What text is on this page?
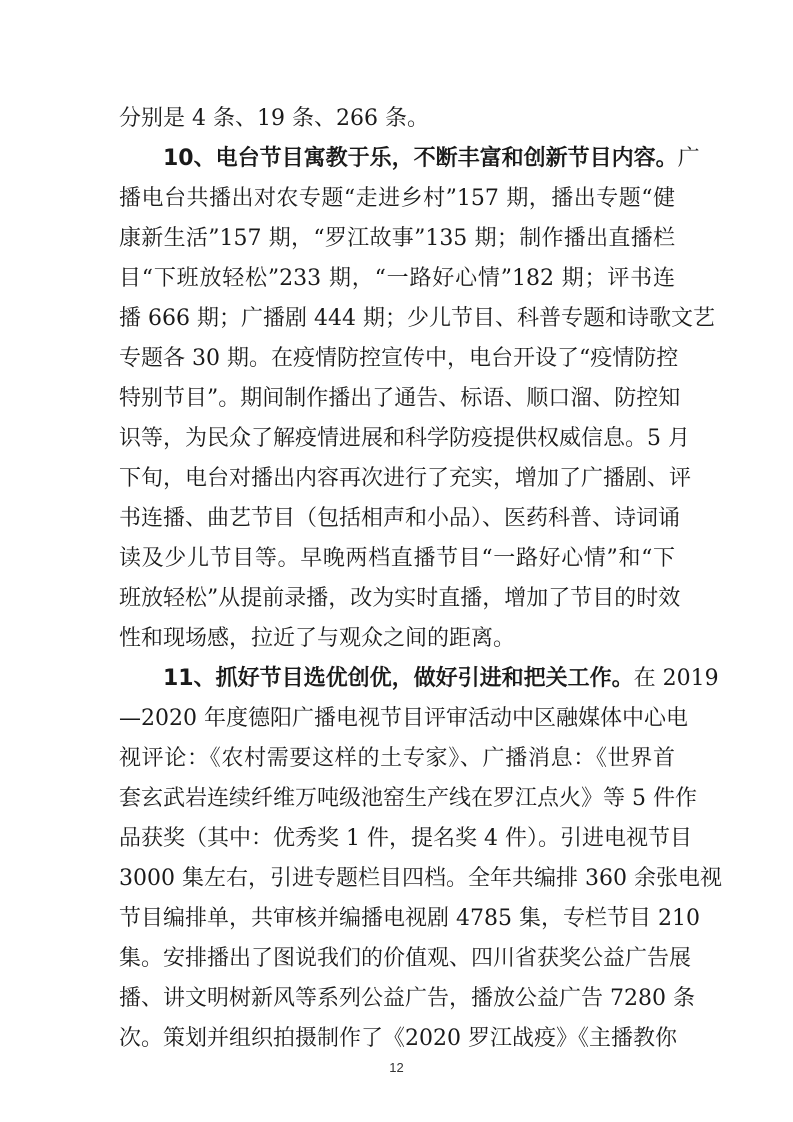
分别是 4 条、19 条、266 条。
10、电台节目寓教于乐，不断丰富和创新节目内容。广
播电台共播出对农专题“走进乡村”157 期，播出专题“健
康新生活”157 期，“罗江故事”135 期；制作播出直播栏
目“下班放轻松”233 期，“一路好心情”182 期；评书连
播 666 期；广播剧 444 期；少儿节目、科普专题和诗歌文艺
专题各 30 期。在疫情防控宣传中，电台开设了“疫情防控
特别节目”。期间制作播出了通告、标语、顺口溜、防控知
识等，为民众了解疫情进展和科学防疫提供权威信息。5 月
下旬，电台对播出内容再次进行了充实，增加了广播剧、评
书连播、曲艺节目（包括相声和小品）、医药科普、诗词诵
读及少儿节目等。早晚两档直播节目“一路好心情”和“下
班放轻松”从提前录播，改为实时直播，增加了节目的时效
性和现场感，拉近了与观众之间的距离。
11、抓好节目选优创优，做好引进和把关工作。在 2019
—2020 年度德阳广播电视节目评审活动中区融媒体中心电
视评论：《农村需要这样的土专家》、广播消息：《世界首
套玄武岩连续纤维万吨级池窑生产线在罗江点火》等 5 件作
品获奖（其中：优秀奖 1 件，提名奖 4 件）。引进电视节目
3000 集左右，引进专题栏目四档。全年共编排 360 余张电视
节目编排单，共审核并编播电视剧 4785 集，专栏节目 210
集。安排播出了图说我们的价值观、四川省获奖公益广告展
播、讲文明树新风等系列公益广告，播放公益广告 7280 条
次。策划并组织拍摄制作了《2020 罗江战疫》《主播教你
12
